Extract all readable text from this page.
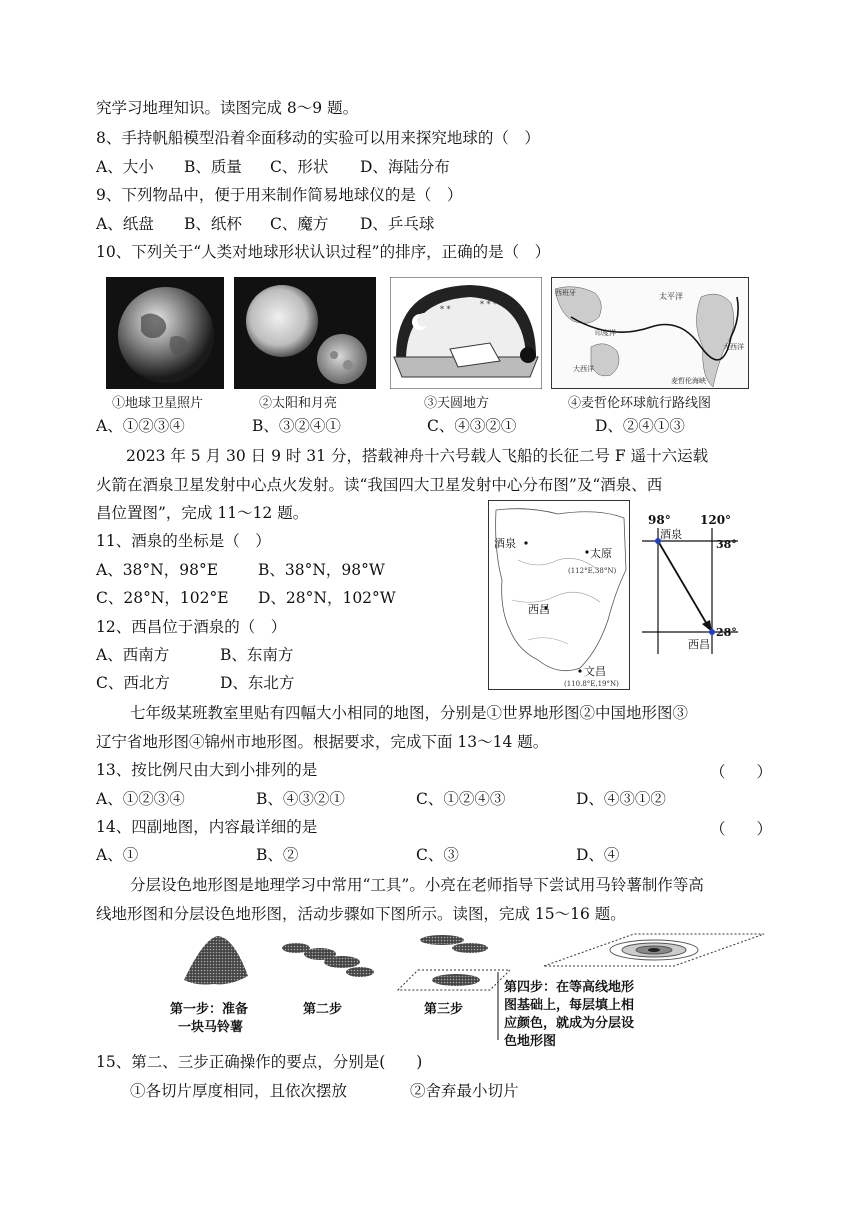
究学习地理知识。读图完成 8～9 题。
8、手持帆船模型沿着伞面移动的实验可以用来探究地球的（　）
A、大小 B、质量 C、形状 D、海陆分布
9、下列物品中，便于用来制作简易地球仪的是（　）
A、纸盘 B、纸杯 C、魔方 D、乒乓球
10、下列关于“人类对地球形状认识过程”的排序，正确的是（　）
* *
* * *
西班牙	太平洋
印度洋
大西洋
大西洋
麦哲伦海峡
①地球卫星照片	②太阳和月亮	③天圆地方	④麦哲伦环球航行路线图
A、①②③④	B、③②④①	C、④③②①	D、②④①③
2023 年 5 月 30 日 9 时 31 分，搭载神舟十六号载人飞船的长征二号 F 遥十六运载
火箭在酒泉卫星发射中心点火发射。读“我国四大卫星发射中心分布图”及“酒泉、西
昌位置图”，完成 11～12 题。
11、酒泉的坐标是（　）
A、38°N，98°E	B、38°N，98°W
C、28°N，102°E D、28°N，102°W
12、西昌位于酒泉的（　）
A、西南方	B、东南方
C、西北方	D、东北方
酒泉
太原
(112°E,38°N)
西昌
文昌
(110.8°E,19°N)
98° 120°
38°
28°
酒泉
西昌
七年级某班教室里贴有四幅大小相同的地图，分别是①世界地形图②中国地形图③
辽宁省地形图④锦州市地形图。根据要求，完成下面 13～14 题。
13、按比例尺由大到小排列的是	（　　）
A、①②③④	B、④③②①	C、①②④③	D、④③①②
14、四副地图，内容最详细的是	（　　）
A、①	B、②	C、③	D、④
分层设色地形图是地理学习中常用“工具”。小亮在老师指导下尝试用马铃薯制作等高
线地形图和分层设色地形图，活动步骤如下图所示。读图，完成 15～16 题。
第一步：准备
一块马铃薯
第二步	第三步
第四步：在等高线地形
图基础上，每层填上相
应颜色，就成为分层设
色地形图
15、第二、三步正确操作的要点，分别是(　　)
①各切片厚度相同，且依次摆放	②舍弃最小切片
